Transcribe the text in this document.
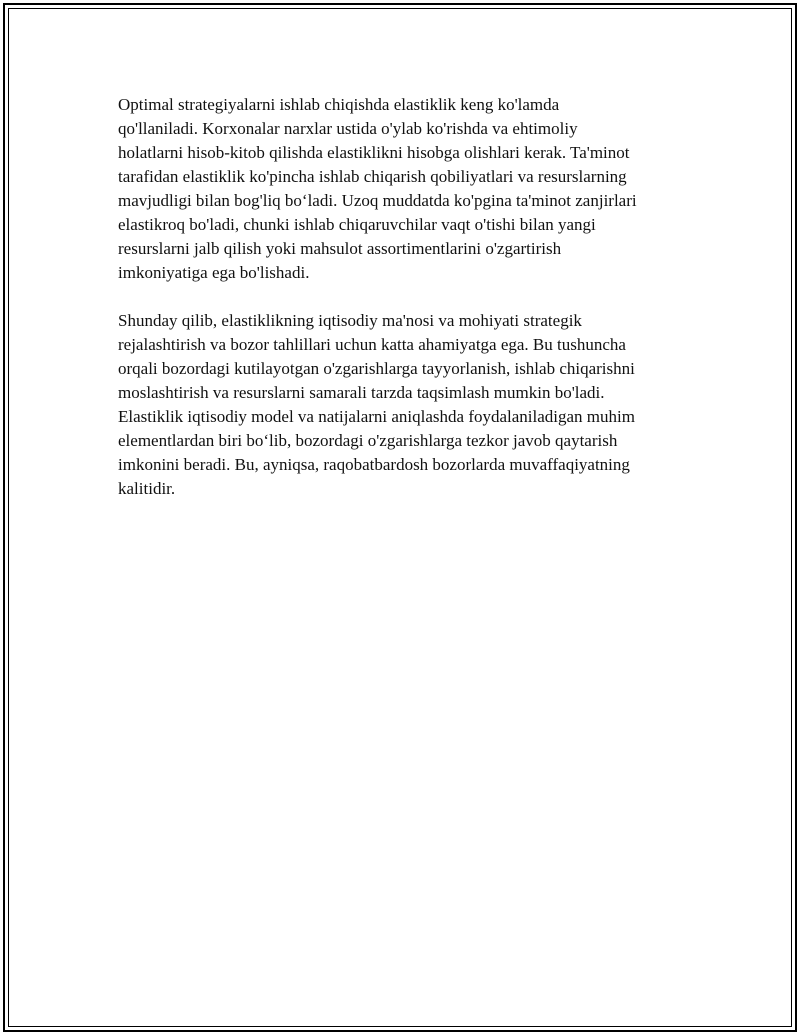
Optimal strategiyalarni ishlab chiqishda elastiklik keng ko'lamda
qo'llaniladi. Korxonalar narxlar ustida o'ylab ko'rishda va ehtimoliy
holatlarni hisob-kitob qilishda elastiklikni hisobga olishlari kerak. Ta'minot
tarafidan elastiklik ko'pincha ishlab chiqarish qobiliyatlari va resurslarning
mavjudligi bilan bog'liq boʻladi. Uzoq muddatda ko'pgina ta'minot zanjirlari
elastikroq bo'ladi, chunki ishlab chiqaruvchilar vaqt o'tishi bilan yangi
resurslarni jalb qilish yoki mahsulot assortimentlarini o'zgartirish
imkoniyatiga ega bo'lishadi.

Shunday qilib, elastiklikning iqtisodiy ma'nosi va mohiyati strategik
rejalashtirish va bozor tahlillari uchun katta ahamiyatga ega. Bu tushuncha
orqali bozordagi kutilayotgan o'zgarishlarga tayyorlanish, ishlab chiqarishni
moslashtirish va resurslarni samarali tarzda taqsimlash mumkin bo'ladi.
Elastiklik iqtisodiy model va natijalarni aniqlashda foydalaniladigan muhim
elementlardan biri boʻlib, bozordagi o'zgarishlarga tezkor javob qaytarish
imkonini beradi. Bu, ayniqsa, raqobatbardosh bozorlarda muvaffaqiyatning
kalitidir.
